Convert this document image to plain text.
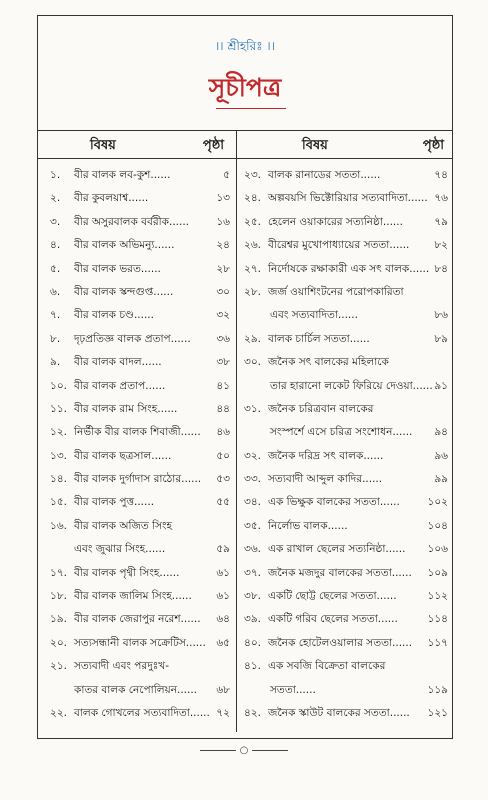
।। শ্রীহরিঃ ।।
সূচীপত্র
বিষয়	পৃষ্ঠা	বিষয়	পৃষ্ঠা
১. বীর বালক লব-কুশ......	৫
২. বীর কুবলয়াশ্ব......	১৩
৩. বীর অসুরবালক বর্বরীক......	১৬
৪. বীর বালক অভিমন্যু......	২৪
৫. বীর বালক ভরত......	২৮
৬. বীর বালক স্কন্দগুপ্ত......	৩০
৭. বীর বালক চণ্ড......	৩২
৮. দৃঢ়প্রতিজ্ঞ বালক প্রতাপ...... ৩৬
৯. বীর বালক বাদল......	৩৮
১০. বীর বালক প্রতাপ......	৪১
১১. বীর বালক রাম সিংহ......	৪৪
১২. নির্ভীক বীর বালক শিবাজী...... ৪৬
১৩. বীর বালক ছত্রসাল......	৫০
১৪. বীর বালক দুর্গাদাস রাঠোর...... ৫৩
১৫. বীর বালক পুত্ত......	৫৫
১৬. বীর বালক অজিত সিংহ
এবং জুঝার সিংহ......	৫৯
১৭. বীর বালক পৃথ্বী সিংহ......	৬১
১৮. বীর বালক জালিম সিংহ...... ৬১
১৯. বীর বালক জেরাপুর নরেশ...... ৬৪
২০. সত্যসন্ধানী বালক সক্রেটিস...... ৬৫
২১. সত্যবাদী এবং পরদুঃখ-
কাতর বালক নেপোলিয়ন...... ৬৮
২২. বালক গোখলের সত্যবাদিতা...... ৭২
২৩. বালক রানাডের সততা......	৭৪
২৪. অল্পবয়সি ভিক্টোরিয়ার সত্যবাদিতা...... ৭৬
২৫. হেলেন ওয়াকারের সত্যনিষ্ঠা......	৭৯
২৬. বীরেশ্বর মুখোপাধ্যায়ের সততা...... ৮২
২৭. নির্দোষকে রক্ষাকারী এক সৎ বালক...... ৮৪
২৮. জর্জ ওয়াশিংটনের পরোপকারিতা
এবং সত্যবাদিতা......	৮৬
২৯. বালক চার্চিল সততা......	৮৯
৩০. জনৈক সৎ বালকের মহিলাকে
তার হারানো লকেট ফিরিয়ে দেওয়া...... ৯১
৩১. জনৈক চরিত্রবান বালকের
সংস্পর্শে এসে চরিত্র সংশোধন...... ৯৪
৩২. জনৈক দরিদ্র সৎ বালক......	৯৬
৩৩. সত্যবাদী আব্দুল কাদির......	৯৯
৩৪. এক ভিক্ষুক বালকের সততা......	১০২
৩৫. নির্লোভ বালক......	১০৪
৩৬. এক রাখাল ছেলের সত্যনিষ্ঠা...... ১০৬
৩৭. জনৈক মজদুর বালকের সততা...... ১০৯
৩৮. একটি ছোট্ট ছেলের সততা......	১১২
৩৯. একটি গরিব ছেলের সততা......	১১৪
৪০. জনৈক হোটেলওয়ালার সততা...... ১১৭
৪১. এক সবজি বিক্রেতা বালকের
সততা......	১১৯
৪২. জনৈক স্কাউট বালকের সততা...... ১২১
○
